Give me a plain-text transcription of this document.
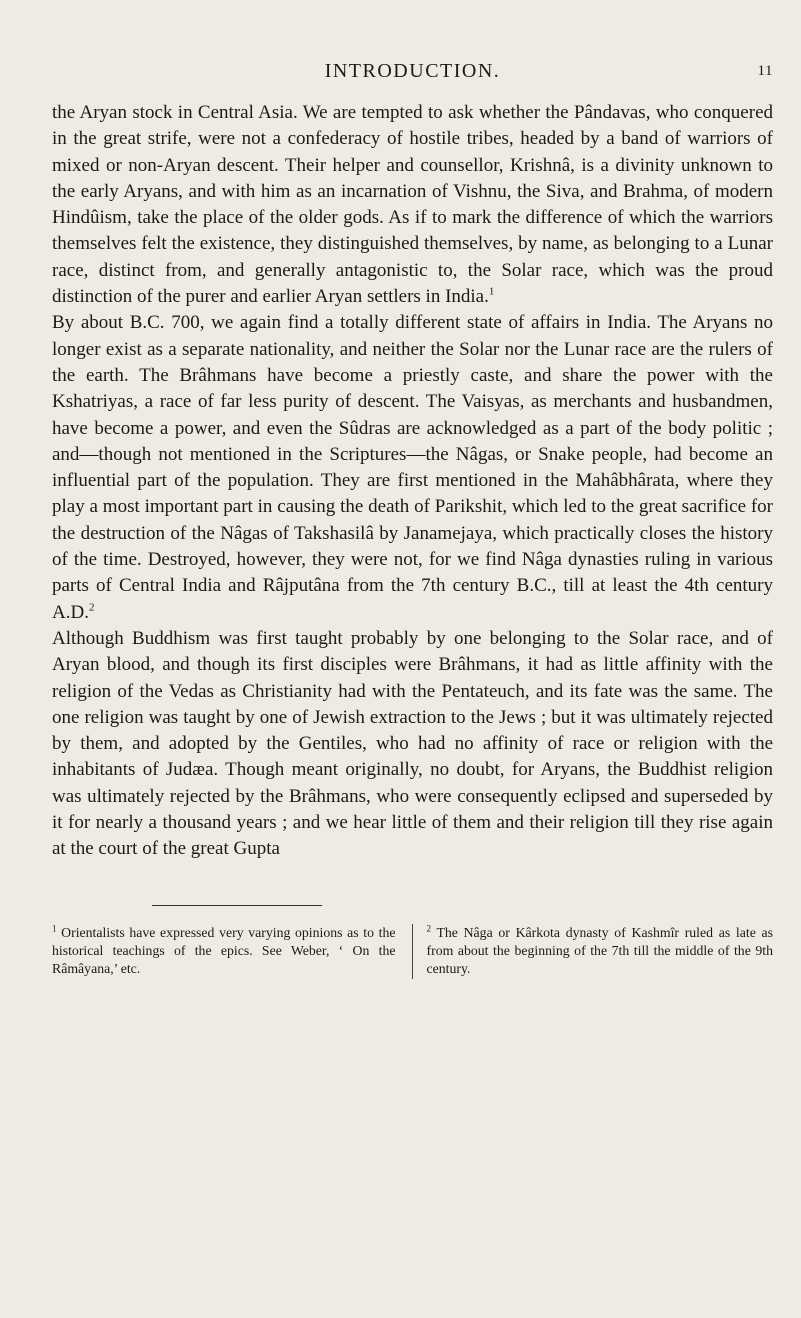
INTRODUCTION.	11

the Aryan stock in Central Asia. We are tempted to ask whether the Pândavas, who conquered in the great strife, were not a confederacy of hostile tribes, headed by a band of warriors of mixed or non-Aryan descent. Their helper and counsellor, Krishnâ, is a divinity unknown to the early Aryans, and with him as an incarnation of Vishnu, the Siva, and Brahma, of modern Hindûism, take the place of the older gods. As if to mark the difference of which the warriors themselves felt the existence, they distinguished themselves, by name, as belonging to a Lunar race, distinct from, and generally antagonistic to, the Solar race, which was the proud distinction of the purer and earlier Aryan settlers in India.$^1$

By about B.C. 700, we again find a totally different state of affairs in India. The Aryans no longer exist as a separate nationality, and neither the Solar nor the Lunar race are the rulers of the earth. The Brâhmans have become a priestly caste, and share the power with the Kshatriyas, a race of far less purity of descent. The Vaisyas, as merchants and husbandmen, have become a power, and even the Sûdras are acknowledged as a part of the body politic ; and—though not mentioned in the Scriptures—the Nâgas, or Snake people, had become an influential part of the population. They are first mentioned in the Mahâbhârata, where they play a most important part in causing the death of Parikshit, which led to the great sacrifice for the destruction of the Nâgas of Takshasilâ by Janamejaya, which practically closes the history of the time. Destroyed, however, they were not, for we find Nâga dynasties ruling in various parts of Central India and Râjputâna from the 7th century B.C., till at least the 4th century A.D.$^2$

Although Buddhism was first taught probably by one belonging to the Solar race, and of Aryan blood, and though its first disciples were Brâhmans, it had as little affinity with the religion of the Vedas as Christianity had with the Pentateuch, and its fate was the same. The one religion was taught by one of Jewish extraction to the Jews ; but it was ultimately rejected by them, and adopted by the Gentiles, who had no affinity of race or religion with the inhabitants of Judæa. Though meant originally, no doubt, for Aryans, the Buddhist religion was ultimately rejected by the Brâhmans, who were consequently eclipsed and superseded by it for nearly a thousand years ; and we hear little of them and their religion till they rise again at the court of the great Gupta

$^1$ Orientalists have expressed very varying opinions as to the historical teachings of the epics. See Weber, ‘ On the Râmâyana,’ etc.
$^2$ The Nâga or Kârkota dynasty of Kashmîr ruled as late as from about the beginning of the 7th till the middle of the 9th century.
